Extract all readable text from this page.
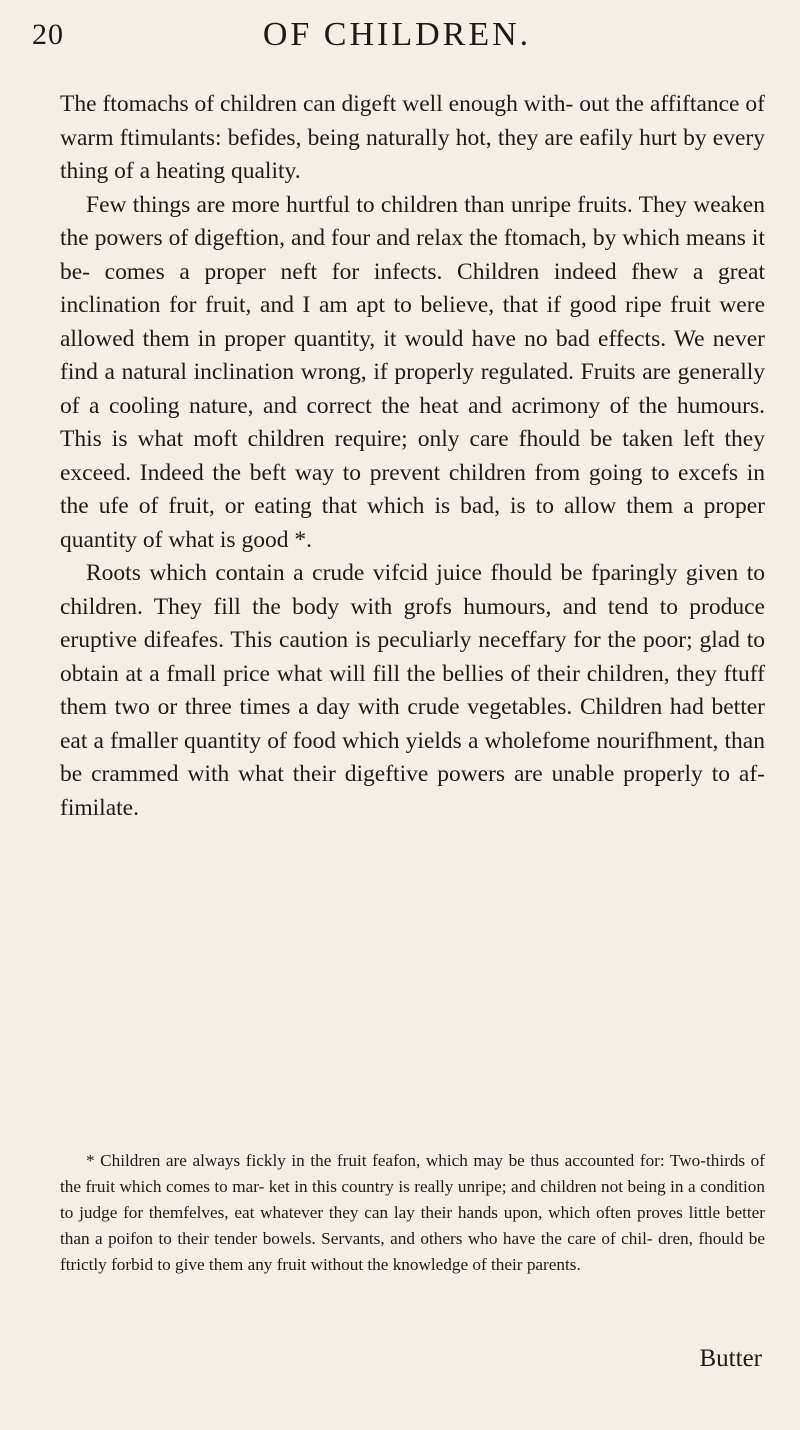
20	OF CHILDREN.

The ftomachs of children can digeft well enough with- out the affiftance of warm ftimulants: befides, being naturally hot, they are eafily hurt by every thing of a heating quality.

Few things are more hurtful to children than unripe fruits. They weaken the powers of digeftion, and four and relax the ftomach, by which means it be- comes a proper neft for infects. Children indeed fhew a great inclination for fruit, and I am apt to believe, that if good ripe fruit were allowed them in proper quantity, it would have no bad effects. We never find a natural inclination wrong, if properly regulated. Fruits are generally of a cooling nature, and correct the heat and acrimony of the humours. This is what moft children require; only care fhould be taken left they exceed. Indeed the beft way to prevent children from going to excefs in the ufe of fruit, or eating that which is bad, is to allow them a proper quantity of what is good *.

Roots which contain a crude vifcid juice fhould be fparingly given to children. They fill the body with grofs humours, and tend to produce eruptive difeafes. This caution is peculiarly neceffary for the poor; glad to obtain at a fmall price what will fill the bellies of their children, they ftuff them two or three times a day with crude vegetables. Children had better eat a fmaller quantity of food which yields a wholefome nourifhment, than be crammed with what their digeftive powers are unable properly to af- fimilate.

* Children are always fickly in the fruit feafon, which may be thus accounted for: Two-thirds of the fruit which comes to mar- ket in this country is really unripe; and children not being in a condition to judge for themfelves, eat whatever they can lay their hands upon, which often proves little better than a poifon to their tender bowels. Servants, and others who have the care of chil- dren, fhould be ftrictly forbid to give them any fruit without the knowledge of their parents.
Butter
